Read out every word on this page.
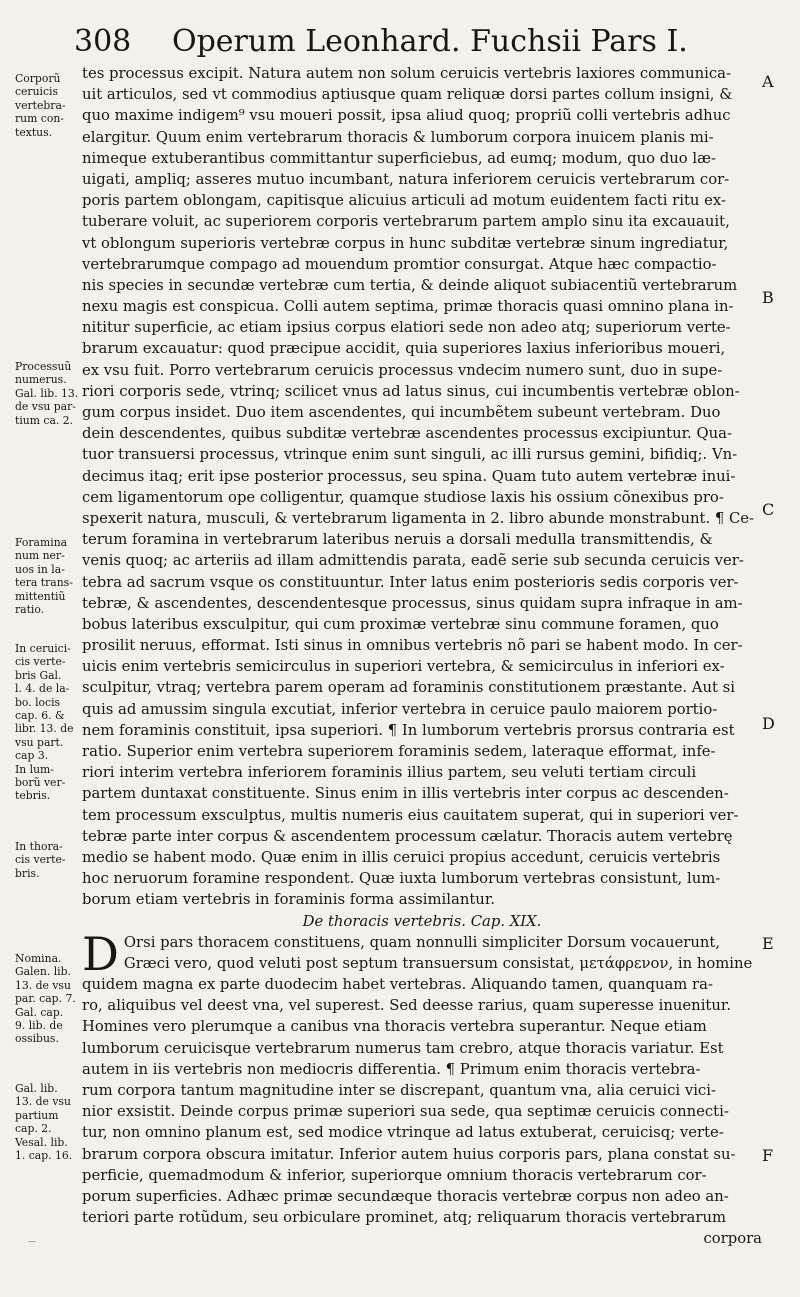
308 Operum Leonhard. Fuchsii Pars I.
Corporũ
ceruicis
vertebra-
rum con-
textus.
Processuũ
numerus.
Gal. lib. 13.
de vsu par-
tium ca. 2.
Foramina
num ner-
uos in la-
tera trans-
mittentiũ
ratio.
In ceruici-
cis verte-
bris Gal.
l. 4. de la-
bo. locis
cap. 6. &
libr. 13. de
vsu part.
cap 3.
In lum-
borũ ver-
tebris.
In thora-
cis verte-
bris.
Nomina.
Galen. lib.
13. de vsu
par. cap. 7.
Gal. cap.
9. lib. de
ossibus.
Gal. lib.
13. de vsu
partium
cap. 2.
Vesal. lib.
1. cap. 16.
tes processus excipit. Natura autem non solum ceruicis vertebris laxiores communica-
uit articulos, sed vt commodius aptiusque quam reliquæ dorsi partes collum insigni, &
quo maxime indigem⁹ vsu moueri possit, ipsa aliud quoq; propriũ colli vertebris adhuc
elargitur. Quum enim vertebrarum thoracis & lumborum corpora inuicem planis mi-
nimeque extuberantibus committantur superficiebus, ad eumq; modum, quo duo læ-
uigati, ampliq; asseres mutuo incumbant, natura inferiorem ceruicis vertebrarum cor-
poris partem oblongam, capitisque alicuius articuli ad motum euidentem facti ritu ex-
tuberare voluit, ac superiorem corporis vertebrarum partem amplo sinu ita excauauit,
vt oblongum superioris vertebræ corpus in hunc subditæ vertebræ sinum ingrediatur,
vertebrarumque compago ad mouendum promtior consurgat. Atque hæc compactio-
nis species in secundæ vertebræ cum tertia, & deinde aliquot subiacentiũ vertebrarum
nexu magis est conspicua. Colli autem septima, primæ thoracis quasi omnino plana in-
nititur superficie, ac etiam ipsius corpus elatiori sede non adeo atq; superiorum verte-
brarum excauatur: quod præcipue accidit, quia superiores laxius inferioribus moueri,
ex vsu fuit. Porro vertebrarum ceruicis processus vndecim numero sunt, duo in supe-
riori corporis sede, vtrinq; scilicet vnus ad latus sinus, cui incumbentis vertebræ oblon-
gum corpus insidet. Duo item ascendentes, qui incumbẽtem subeunt vertebram. Duo
dein descendentes, quibus subditæ vertebræ ascendentes processus excipiuntur. Qua-
tuor transuersi processus, vtrinque enim sunt singuli, ac illi rursus gemini, bifidiq;. Vn-
decimus itaq; erit ipse posterior processus, seu spina. Quam tuto autem vertebræ inui-
cem ligamentorum ope colligentur, quamque studiose laxis his ossium cõnexibus pro-
spexerit natura, musculi, & vertebrarum ligamenta in 2. libro abunde monstrabunt. ¶ Ce-
terum foramina in vertebrarum lateribus neruis a dorsali medulla transmittendis, &
venis quoq; ac arteriis ad illam admittendis parata, eadẽ serie sub secunda ceruicis ver-
tebra ad sacrum vsque os constituuntur. Inter latus enim posterioris sedis corporis ver-
tebræ, & ascendentes, descendentesque processus, sinus quidam supra infraque in am-
bobus lateribus exsculpitur, qui cum proximæ vertebræ sinu commune foramen, quo
prosilit neruus, efformat. Isti sinus in omnibus vertebris nõ pari se habent modo. In cer-
uicis enim vertebris semicirculus in superiori vertebra, & semicirculus in inferiori ex-
sculpitur, vtraq; vertebra parem operam ad foraminis constitutionem præstante. Aut si
quis ad amussim singula excutiat, inferior vertebra in ceruice paulo maiorem portio-
nem foraminis constituit, ipsa superiori. ¶ In lumborum vertebris prorsus contraria est
ratio. Superior enim vertebra superiorem foraminis sedem, lateraque efformat, infe-
riori interim vertebra inferiorem foraminis illius partem, seu veluti tertiam circuli
partem duntaxat constituente. Sinus enim in illis vertebris inter corpus ac descenden-
tem processum exsculptus, multis numeris eius cauitatem superat, qui in superiori ver-
tebræ parte inter corpus & ascendentem processum cælatur. Thoracis autem vertebrę
medio se habent modo. Quæ enim in illis ceruici propius accedunt, ceruicis vertebris
hoc neruorum foramine respondent. Quæ iuxta lumborum vertebras consistunt, lum-
borum etiam vertebris in foraminis forma assimilantur.
De thoracis vertebris. Cap. XIX.
D Orsi pars thoracem constituens, quam nonnulli simpliciter Dorsum vocauerunt,
Græci vero, quod veluti post septum transuersum consistat, μετάφρενον, in homine
quidem magna ex parte duodecim habet vertebras. Aliquando tamen, quanquam ra-
ro, aliquibus vel deest vna, vel superest. Sed deesse rarius, quam superesse inuenitur.
Homines vero plerumque a canibus vna thoracis vertebra superantur. Neque etiam
lumborum ceruicisque vertebrarum numerus tam crebro, atque thoracis variatur. Est
autem in iis vertebris non mediocris differentia. ¶ Primum enim thoracis vertebra-
rum corpora tantum magnitudine inter se discrepant, quantum vna, alia ceruici vici-
nior exsistit. Deinde corpus primæ superiori sua sede, qua septimæ ceruicis connecti-
tur, non omnino planum est, sed modice vtrinque ad latus extuberat, ceruicisq; verte-
brarum corpora obscura imitatur. Inferior autem huius corporis pars, plana constat su-
perficie, quemadmodum & inferior, superiorque omnium thoracis vertebrarum cor-
porum superficies. Adhæc primæ secundæque thoracis vertebræ corpus non adeo an-
teriori parte rotũdum, seu orbiculare prominet, atq; reliquarum thoracis vertebrarum
corpora
A
B
C
D
E
F
—
